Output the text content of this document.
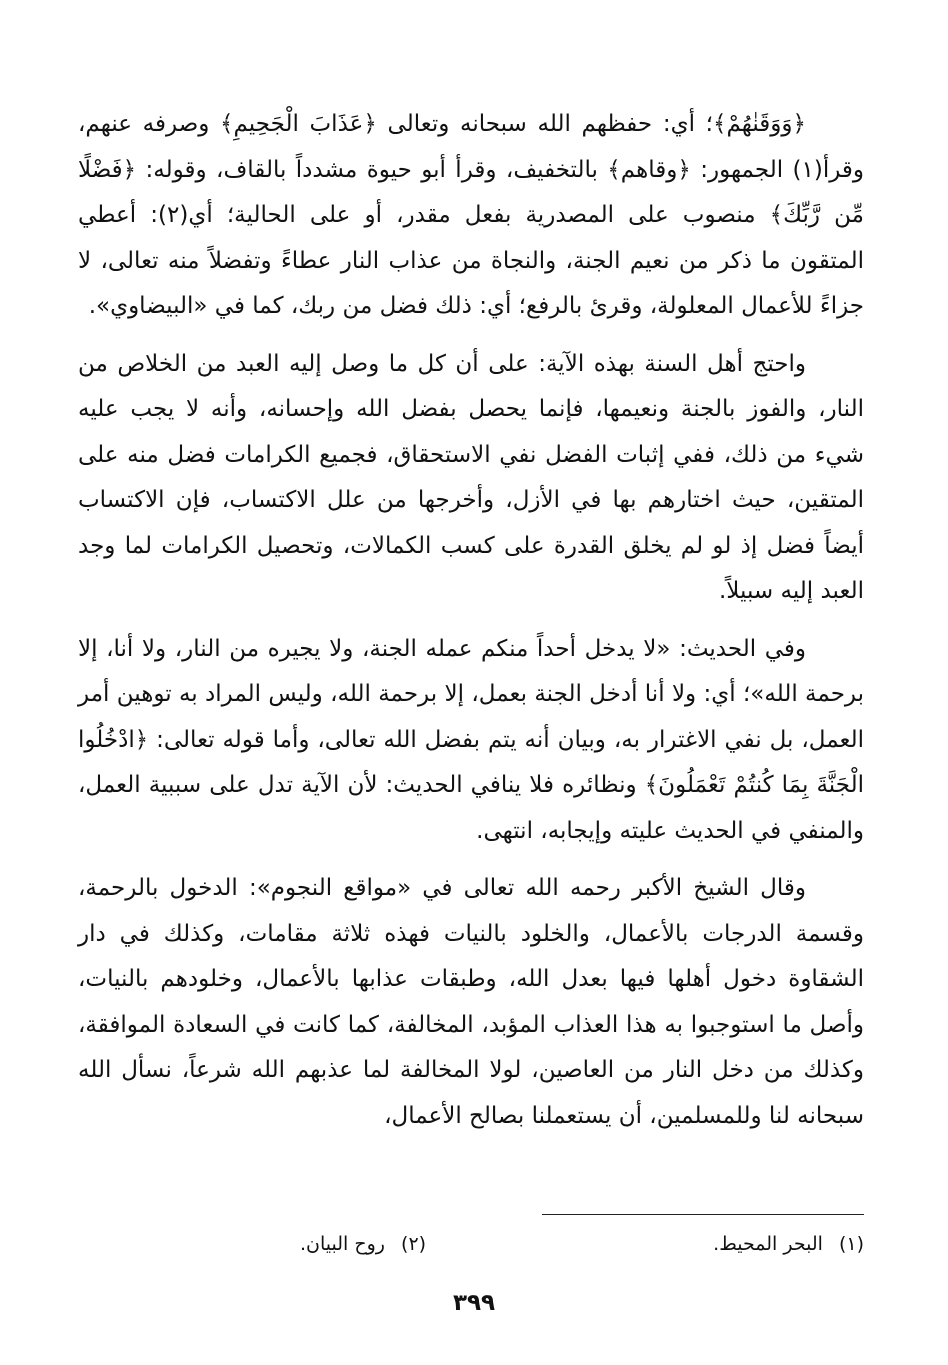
﴿وَوَقَنٰهُمْ﴾؛ أي: حفظهم الله سبحانه وتعالى ﴿عَذَابَ الْجَحِيمِ﴾ وصرفه عنهم، وقرأ(١) الجمهور: ﴿وقاهم﴾ بالتخفيف، وقرأ أبو حيوة مشدداً بالقاف، وقوله: ﴿فَضْلًا مِّن رَّبِّكَ﴾ منصوب على المصدرية بفعل مقدر، أو على الحالية؛ أي(٢): أعطي المتقون ما ذكر من نعيم الجنة، والنجاة من عذاب النار عطاءً وتفضلاً منه تعالى، لا جزاءً للأعمال المعلولة، وقرئ بالرفع؛ أي: ذلك فضل من ربك، كما في «البيضاوي».

واحتج أهل السنة بهذه الآية: على أن كل ما وصل إليه العبد من الخلاص من النار، والفوز بالجنة ونعيمها، فإنما يحصل بفضل الله وإحسانه، وأنه لا يجب عليه شيء من ذلك، ففي إثبات الفضل نفي الاستحقاق، فجميع الكرامات فضل منه على المتقين، حيث اختارهم بها في الأزل، وأخرجها من علل الاكتساب، فإن الاكتساب أيضاً فضل إذ لو لم يخلق القدرة على كسب الكمالات، وتحصيل الكرامات لما وجد العبد إليه سبيلاً.

وفي الحديث: «لا يدخل أحداً منكم عمله الجنة، ولا يجيره من النار، ولا أنا، إلا برحمة الله»؛ أي: ولا أنا أدخل الجنة بعمل، إلا برحمة الله، وليس المراد به توهين أمر العمل، بل نفي الاغترار به، وبيان أنه يتم بفضل الله تعالى، وأما قوله تعالى: ﴿ادْخُلُوا الْجَنَّةَ بِمَا كُنتُمْ تَعْمَلُونَ﴾ ونظائره فلا ينافي الحديث: لأن الآية تدل على سببية العمل، والمنفي في الحديث عليته وإيجابه، انتهى.

وقال الشيخ الأكبر رحمه الله تعالى في «مواقع النجوم»: الدخول بالرحمة، وقسمة الدرجات بالأعمال، والخلود بالنيات فهذه ثلاثة مقامات، وكذلك في دار الشقاوة دخول أهلها فيها بعدل الله، وطبقات عذابها بالأعمال، وخلودهم بالنيات، وأصل ما استوجبوا به هذا العذاب المؤبد، المخالفة، كما كانت في السعادة الموافقة، وكذلك من دخل النار من العاصين، لولا المخالفة لما عذبهم الله شرعاً، نسأل الله سبحانه لنا وللمسلمين، أن يستعملنا بصالح الأعمال،

(١) البحر المحيط.
(٢) روح البيان.
٣٩٩
